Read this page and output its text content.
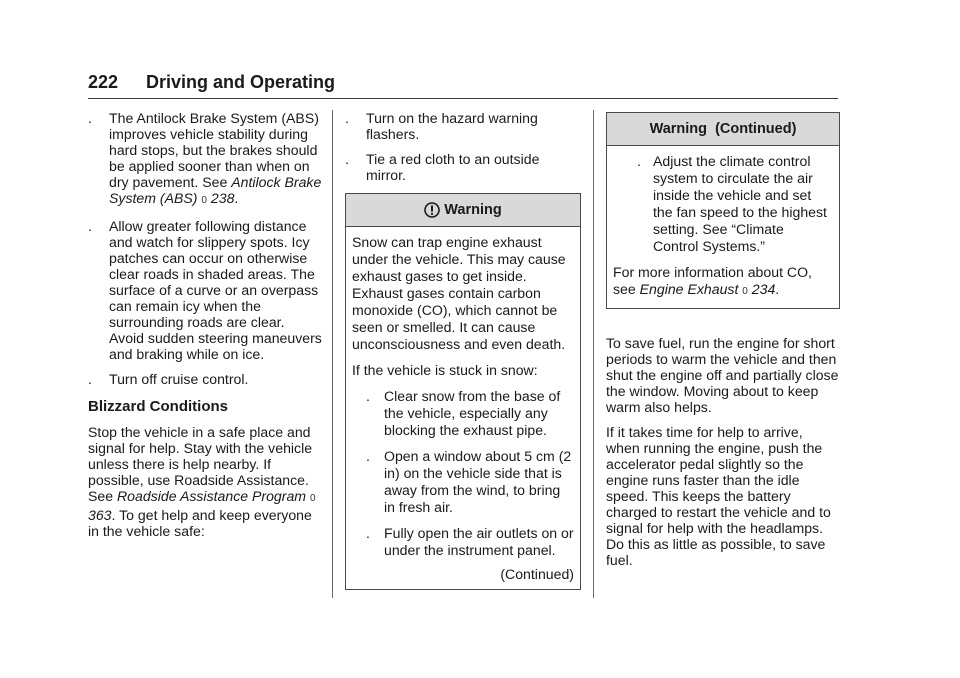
222 Driving and Operating
.	The Antilock Brake System (ABS) improves vehicle stability during hard stops, but the brakes should be applied sooner than when on dry pavement. See Antilock Brake System (ABS) 0 238.
.	Allow greater following distance and watch for slippery spots. Icy patches can occur on otherwise clear roads in shaded areas. The surface of a curve or an overpass can remain icy when the surrounding roads are clear. Avoid sudden steering maneuvers and braking while on ice.
.	Turn off cruise control.
Blizzard Conditions
Stop the vehicle in a safe place and signal for help. Stay with the vehicle unless there is help nearby. If possible, use Roadside Assistance. See Roadside Assistance Program 0 363. To get help and keep everyone in the vehicle safe:
.	Turn on the hazard warning flashers.
.	Tie a red cloth to an outside mirror.
Warning
Snow can trap engine exhaust under the vehicle. This may cause exhaust gases to get inside. Exhaust gases contain carbon monoxide (CO), which cannot be seen or smelled. It can cause unconsciousness and even death.
If the vehicle is stuck in snow:
. Clear snow from the base of the vehicle, especially any blocking the exhaust pipe.
. Open a window about 5 cm (2 in) on the vehicle side that is away from the wind, to bring in fresh air.
. Fully open the air outlets on or under the instrument panel.
(Continued)
Warning  (Continued)
. Adjust the climate control system to circulate the air inside the vehicle and set the fan speed to the highest setting. See “Climate Control Systems.”
For more information about CO, see Engine Exhaust 0 234.
To save fuel, run the engine for short periods to warm the vehicle and then shut the engine off and partially close the window. Moving about to keep warm also helps.
If it takes time for help to arrive, when running the engine, push the accelerator pedal slightly so the engine runs faster than the idle speed. This keeps the battery charged to restart the vehicle and to signal for help with the headlamps. Do this as little as possible, to save fuel.
